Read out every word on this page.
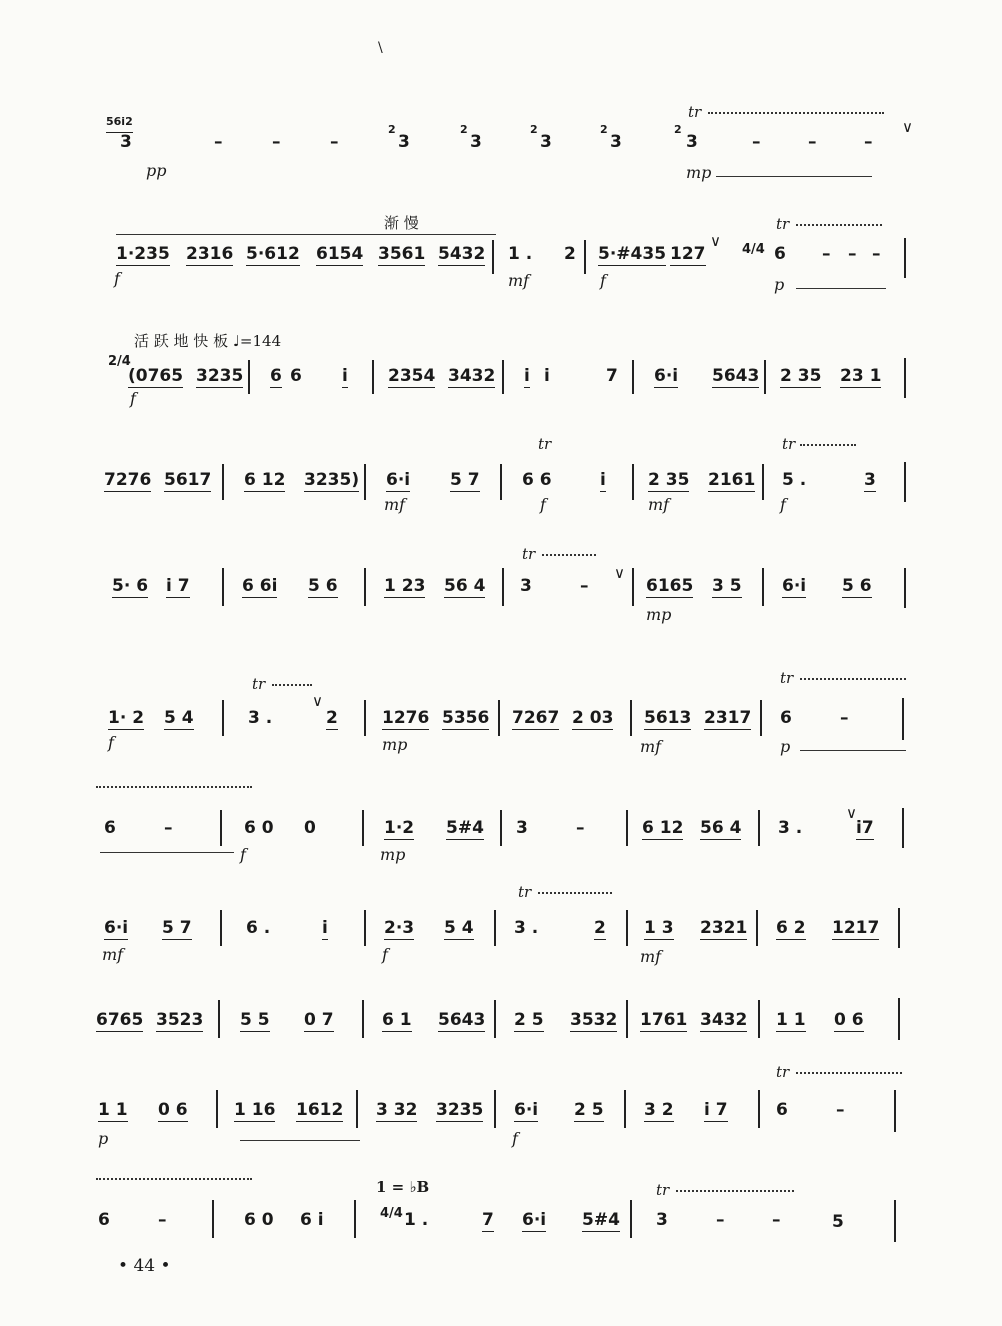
\
56i2
3	–	–	–
2
3
2
3
2
3
2
3
2
3	–	–	–
tr
∨
pp	mp
渐 慢
1·235 2316 5·612 6154 3561 5432 1 . 2 5·#435 127
∨ 4/4 6 – – –
tr
f	mf	f	p
活 跃 地 快 板 ♩=144
2/4
(0765 3235 6 6 i 2354 3432 i i	7 6·i 5643 2 35 23 1
f
tr	tr
7276 5617 6 12 3235) 6·i 5 7 6 6	i 2 35 2161 5 .	3
mf	f	mf	f
tr
5· 6 i 7	6 6i 5 6	1 23 56 4 3	–
∨
6165 3 5 6·i 5 6
mp
tr	tr
1· 2 5 4	3 .
∨
2	1276 5356 7267 2 03 5613 2317 6	–
f	mp	mf	p
6	–	6 0 0	1·2 5#4 3	–	6 12 56 4 3 .
∨
i7
f	mp
tr
6·i 5 7	6 .	i	2·3 5 4 3 .	2 1 3 2321 6 2 1217
mf	f	mf
6765 3523 5 5 0 7	6 1 5643 2 5 3532 1761 3432 1 1 0 6
tr
1 1 0 6	1 16 1612 3 32 3235 6·i 2 5 3 2 i 7	6	–
p	f
1 = ♭B	tr
6	–	6 0 6 i	4/4 1 .	7 6·i 5#4 3	–	–	5
• 44 •
